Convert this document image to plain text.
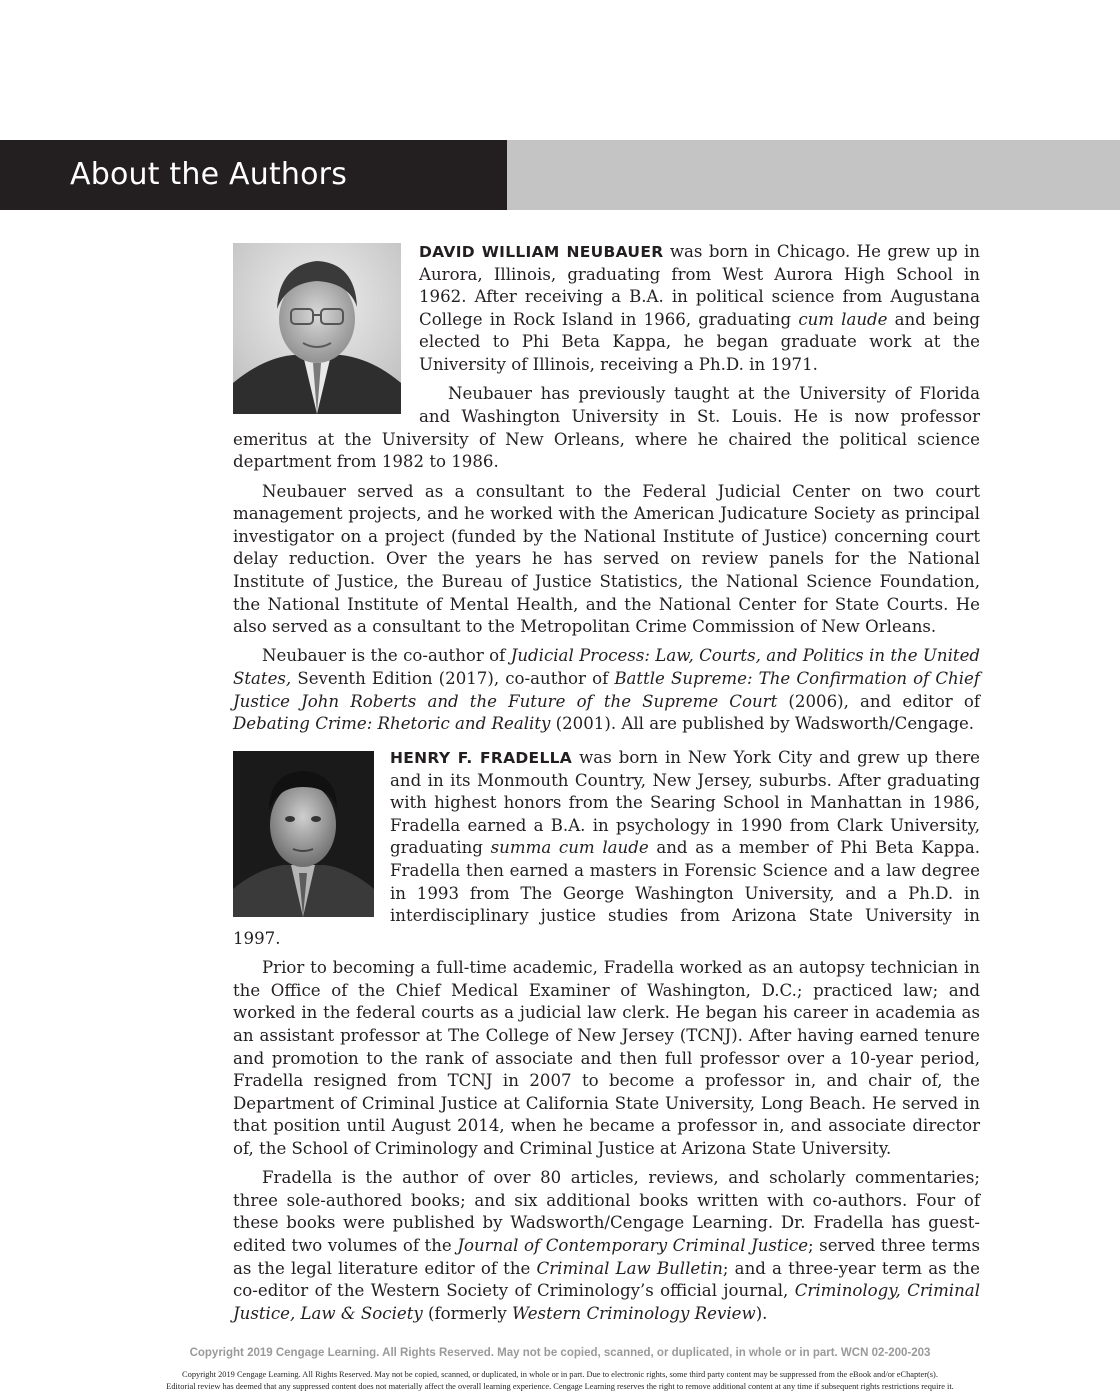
About the Authors

DAVID WILLIAM NEUBAUER was born in Chicago. He grew up in Aurora, Illinois, graduating from West Aurora High School in 1962. After receiving a B.A. in political science from Augustana College in Rock Island in 1966, graduating cum laude and being elected to Phi Beta Kappa, he began graduate work at the University of Illinois, receiving a Ph.D. in 1971.

Neubauer has previously taught at the University of Florida and Washington University in St. Louis. He is now professor emeritus at the University of New Orleans, where he chaired the political science department from 1982 to 1986.

Neubauer served as a consultant to the Federal Judicial Center on two court management projects, and he worked with the American Judicature Society as principal investigator on a project (funded by the National Institute of Justice) concerning court delay reduction. Over the years he has served on review panels for the National Institute of Justice, the Bureau of Justice Statistics, the National Science Foundation, the National Institute of Mental Health, and the National Center for State Courts. He also served as a consultant to the Metropolitan Crime Commission of New Orleans.

Neubauer is the co-author of Judicial Process: Law, Courts, and Politics in the United States, Seventh Edition (2017), co-author of Battle Supreme: The Confirmation of Chief Justice John Roberts and the Future of the Supreme Court (2006), and editor of Debating Crime: Rhetoric and Reality (2001). All are published by Wadsworth/Cengage.

HENRY F. FRADELLA was born in New York City and grew up there and in its Monmouth Country, New Jersey, suburbs. After graduating with highest honors from the Searing School in Manhattan in 1986, Fradella earned a B.A. in psychology in 1990 from Clark University, graduating summa cum laude and as a member of Phi Beta Kappa. Fradella then earned a masters in Forensic Science and a law degree in 1993 from The George Washington University, and a Ph.D. in interdisciplinary justice studies from Arizona State University in 1997.

Prior to becoming a full-time academic, Fradella worked as an autopsy technician in the Office of the Chief Medical Examiner of Washington, D.C.; practiced law; and worked in the federal courts as a judicial law clerk. He began his career in academia as an assistant professor at The College of New Jersey (TCNJ). After having earned tenure and promotion to the rank of associate and then full professor over a 10-year period, Fradella resigned from TCNJ in 2007 to become a professor in, and chair of, the Department of Criminal Justice at California State University, Long Beach. He served in that position until August 2014, when he became a professor in, and associate director of, the School of Criminology and Criminal Justice at Arizona State University.

Fradella is the author of over 80 articles, reviews, and scholarly commentaries; three sole-authored books; and six additional books written with co-authors. Four of these books were published by Wadsworth/Cengage Learning. Dr. Fradella has guest-edited two volumes of the Journal of Contemporary Criminal Justice; served three terms as the legal literature editor of the Criminal Law Bulletin; and a three-year term as the co-editor of the Western Society of Criminology’s official journal, Criminology, Criminal Justice, Law & Society (formerly Western Criminology Review).

Copyright 2019 Cengage Learning. All Rights Reserved. May not be copied, scanned, or duplicated, in whole or in part. WCN 02-200-203

Copyright 2019 Cengage Learning. All Rights Reserved. May not be copied, scanned, or duplicated, in whole or in part. Due to electronic rights, some third party content may be suppressed from the eBook and/or eChapter(s).
Editorial review has deemed that any suppressed content does not materially affect the overall learning experience. Cengage Learning reserves the right to remove additional content at any time if subsequent rights restrictions require it.
